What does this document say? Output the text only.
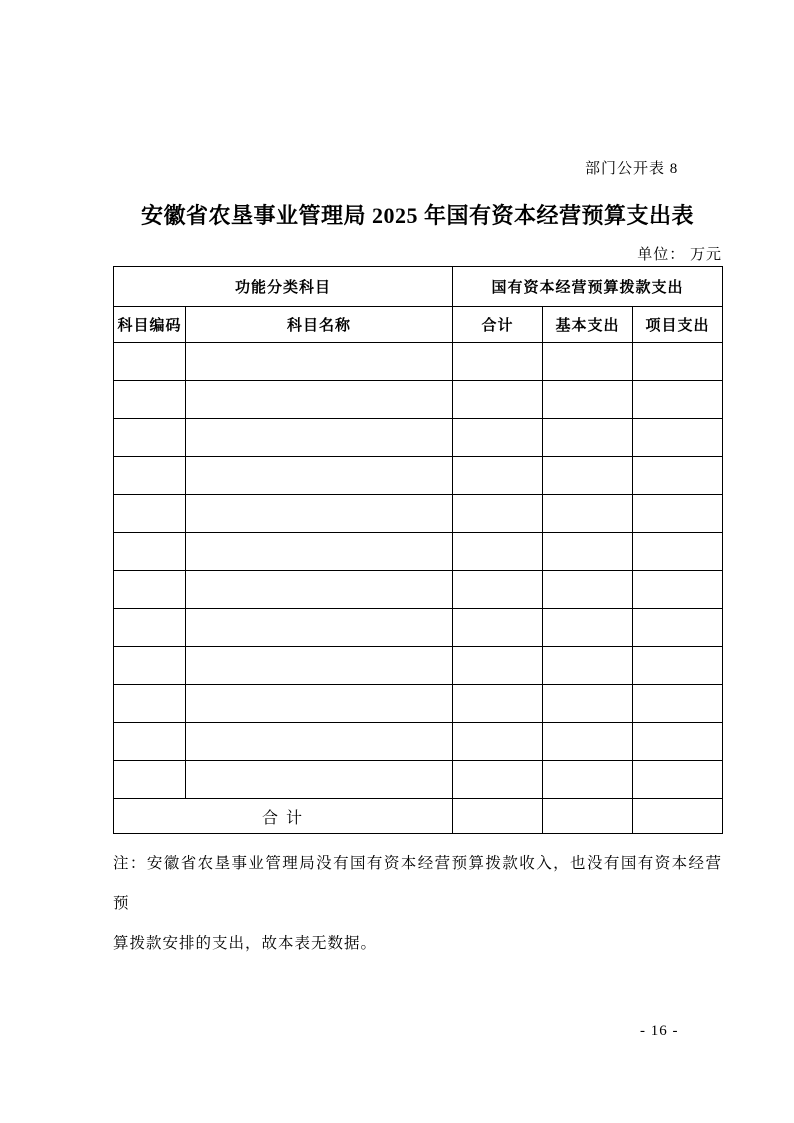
部门公开表 8
安徽省农垦事业管理局 2025 年国有资本经营预算支出表
单位： 万元
功能分类科目		国有资本经营预算拨款支出		
科目编码	科目名称	合计	基本支出	项目支出

合 计				
注：安徽省农垦事业管理局没有国有资本经营预算拨款收入，也没有国有资本经营预
算拨款安排的支出，故本表无数据。
- 16 -
